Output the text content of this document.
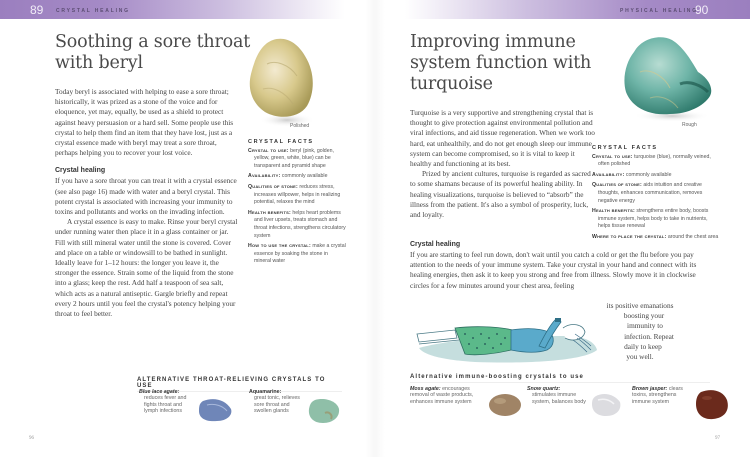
89	CRYSTAL HEALING
Soothing a sore throat
with beryl
Polished

Today beryl is associated with helping to ease a sore throat; historically, it was prized as a stone of the voice and for eloquence, yet may, equally, be used as a shield to protect against heavy persuasion or a hard sell. Some people use this crystal to help them find an item that they have lost, just as a crystal essence made with beryl may treat a sore throat, perhaps helping you to recover your lost voice.

Crystal healing

If you have a sore throat you can treat it with a crystal essence (see also page 16) made with water and a beryl crystal. This potent crystal is associated with increasing your immunity to toxins and pollutants and works on the invading infection.

A crystal essence is easy to make. Rinse your beryl crystal under running water then place it in a glass container or jar. Fill with still mineral water until the stone is covered. Cover and place on a table or windowsill to be bathed in sunlight. Ideally leave for 1–12 hours: the longer you leave it, the stronger the essence. Strain some of the liquid from the stone into a glass; keep the rest. Add half a teaspoon of sea salt, which acts as a natural antiseptic. Gargle briefly and repeat every 2 hours until you feel the crystal's potency helping your throat to feel better.

CRYSTAL FACTS
Crystal to use: beryl (pink, golden, yellow, green, white, blue) can be transparent and pyramid shape
Availability: commonly available
Qualities of stone: reduces stress, increases willpower, helps in realizing potential, relaxes the mind
Health benefits: helps heart problems and liver upsets, treats stomach and throat infections, strengthens circulatory system
How to use the crystal: make a crystal essence by soaking the stone in mineral water
ALTERNATIVE THROAT-RELIEVING CRYSTALS TO USE
Blue lace agate:
reduces fever and fights throat and lymph infections
Aquamarine:
great tonic, relieves sore throat and swollen glands
96
PHYSICAL HEALING
90
Improving immune
system function with
turquoise
Rough

Turquoise is a very supportive and strengthening crystal that is thought to give protection against environmental pollution and viral infections, and aid tissue regeneration. When we work too hard, eat unhealthily, and do not get enough sleep our immune system can become compromised, so it is vital to keep it healthy and functioning at its best.

Prized by ancient cultures, turquoise is regarded as sacred to some shamans because of its powerful healing ability. In healing visualizations, turquoise is believed to “absorb” the illness from the patient. It's also a symbol of prosperity, luck, and loyalty.

Crystal healing

If you are starting to feel run down, don't wait until you catch a cold or get the flu before you pay attention to the needs of your immune system. Take your crystal in your hand and connect with its healing energies, then ask it to keep you strong and free from illness. Slowly move it in clockwise circles for a few minutes around your chest area, feeling

its positive emanations
boosting your
immunity to
infection. Repeat
daily to keep
you well.
CRYSTAL FACTS
Crystal to use: turquoise (blue), normally veined, often polished
Availability: commonly available
Qualities of stone: aids intuition and creative thoughts, enhances communication, removes negative energy
Health benefits: strengthens entire body, boosts immune system, helps body to take in nutrients, helps tissue renewal
Where to place the crystal: around the chest area
Alternative immune-boosting crystals to use
Moss agate: encourages removal of waste products, enhances immune system
Snow quartz:
stimulates immune system, balances body
Brown jasper: clears toxins, strengthens immune system
97
